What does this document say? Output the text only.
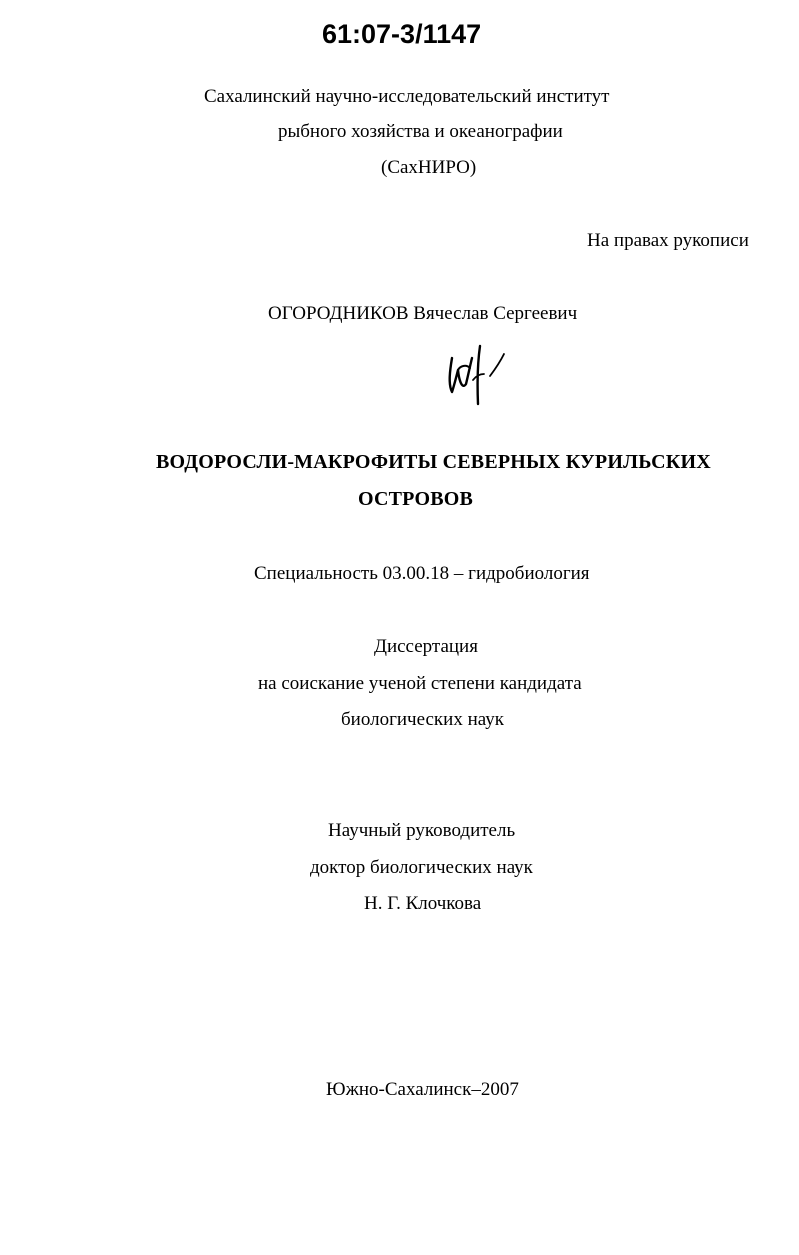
61:07-3/1147
Сахалинский научно-исследовательский институт
рыбного хозяйства и океанографии
(СахНИРО)
На правах рукописи
ОГОРОДНИКОВ Вячеслав Сергеевич
ВОДОРОСЛИ-МАКРОФИТЫ СЕВЕРНЫХ КУРИЛЬСКИХ
ОСТРОВОВ
Специальность 03.00.18 – гидробиология
Диссертация
на соискание ученой степени кандидата
биологических наук
Научный руководитель
доктор биологических наук
Н. Г. Клочкова
Южно-Сахалинск–2007
